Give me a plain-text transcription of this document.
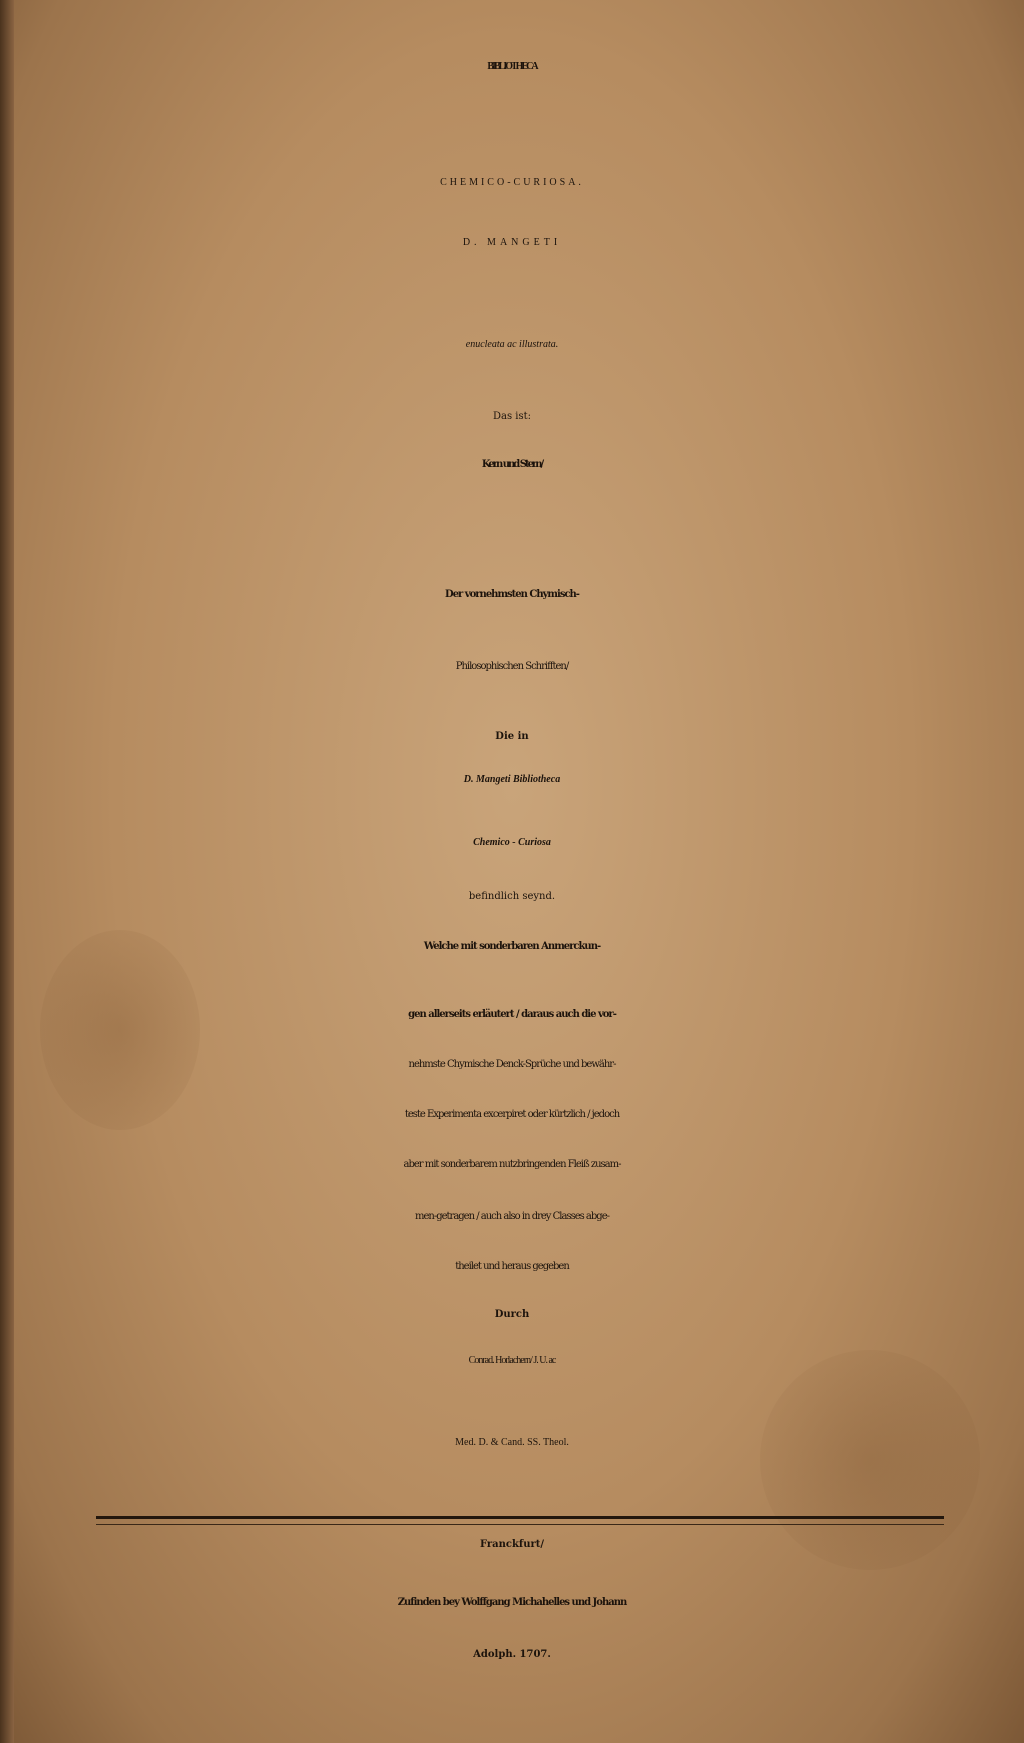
BIBLIOTHECA
CHEMICO-CURIOSA.
D. MANGETI
enucleata ac illustrata.
Das ist:
Kern und Stern/
Der vornehmsten Chymisch-
Philosophischen Schrifften/
Die in
D. Mangeti Bibliotheca
Chemico - Curiosa
befindlich seynd.
Welche mit sonderbaren Anmerckun-
gen allerseits erläutert / daraus auch die vor-
nehmste Chymische Denck-Sprüche und bewähr-
teste Experimenta excerpiret oder kürtzlich / jedoch
aber mit sonderbarem nutzbringenden Fleiß zusam-
men-getragen / auch also in drey Classes abge-
theilet und heraus gegeben
Durch
Conrad. Horlachern/ J. U. ac
Med. D. & Cand. SS. Theol.
Franckfurt/
Zufinden bey Wolffgang Michahelles und Johann
Adolph. 1707.
